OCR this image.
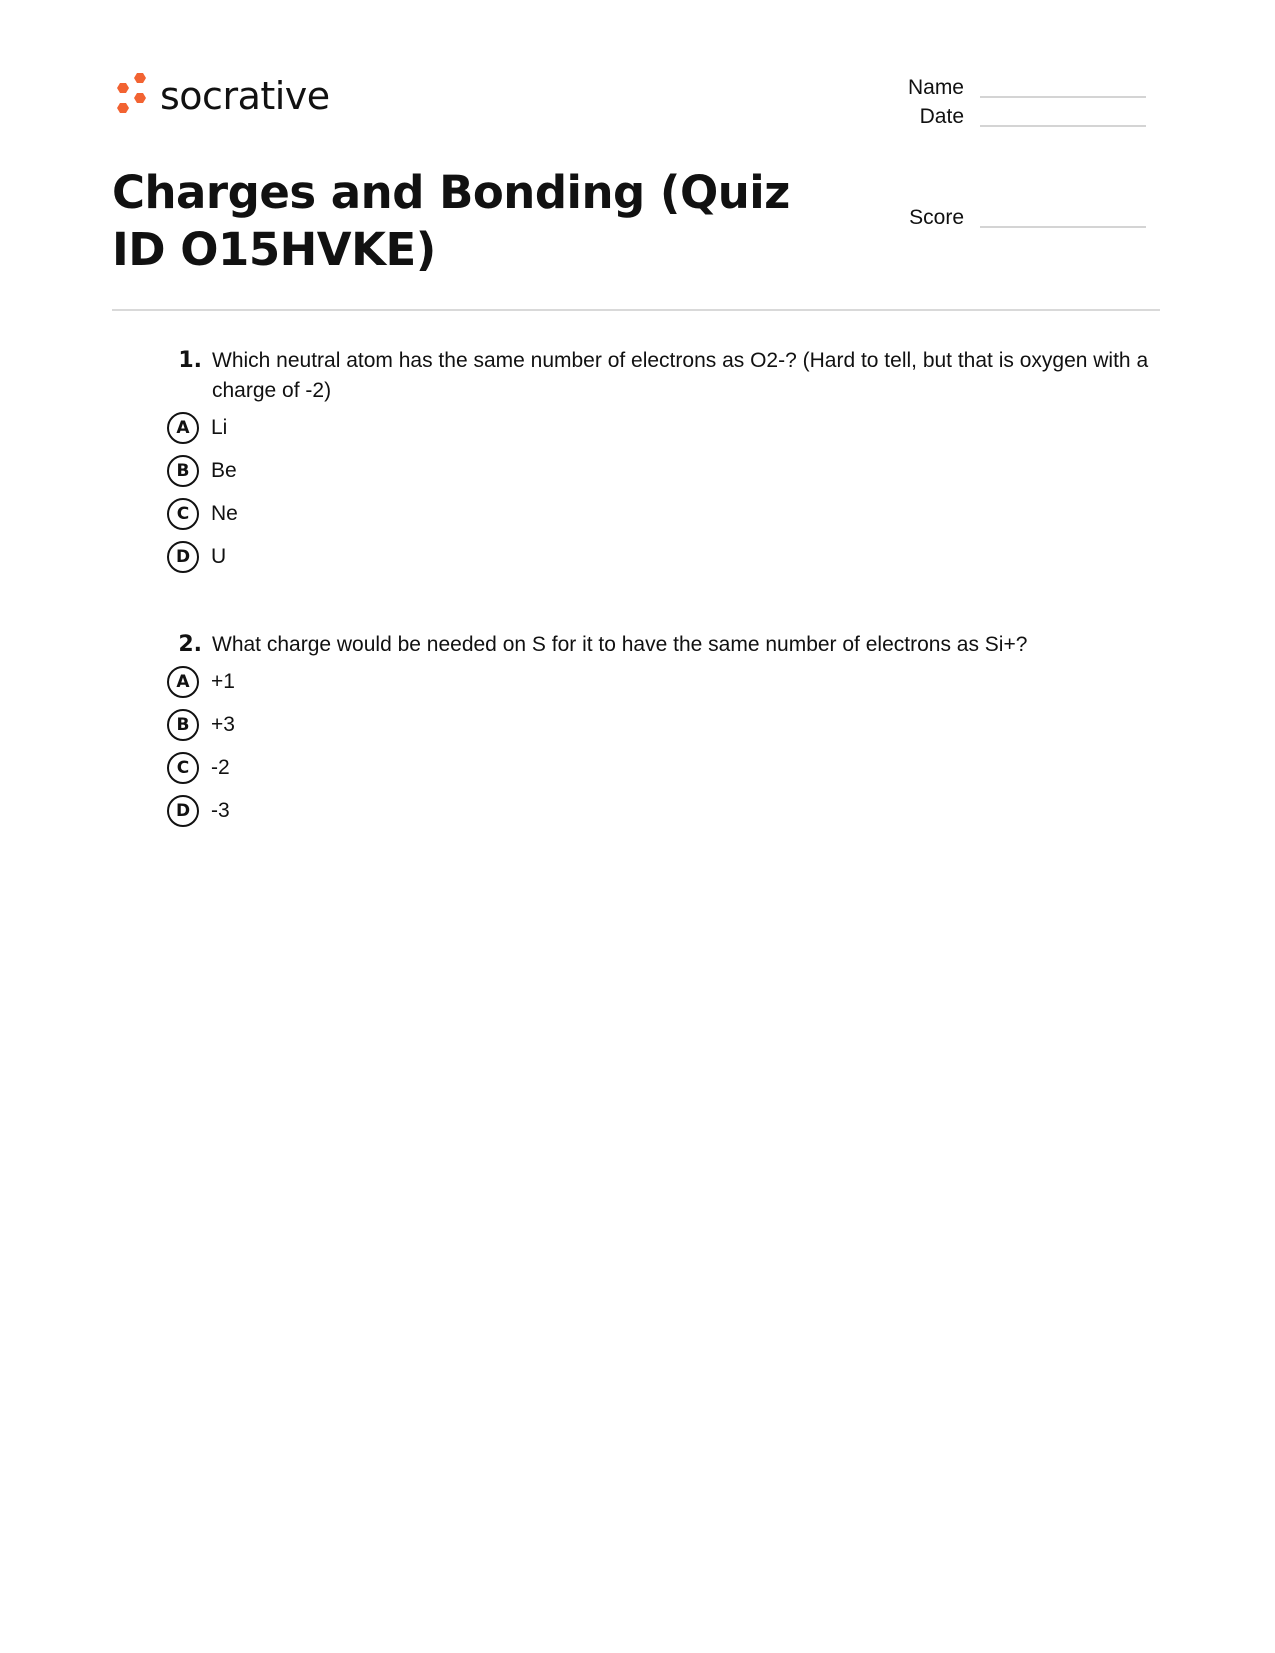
socrative	Name
Date
Score
Charges and Bonding (Quiz ID O15HVKE)
1. Which neutral atom has the same number of electrons as O2-? (Hard to tell, but that is oxygen with a charge of -2)
A	Li
B	Be
C	Ne
D U
2. What charge would be needed on S for it to have the same number of electrons as Si+?
A	+1
B	+3
C	-2
D -3
